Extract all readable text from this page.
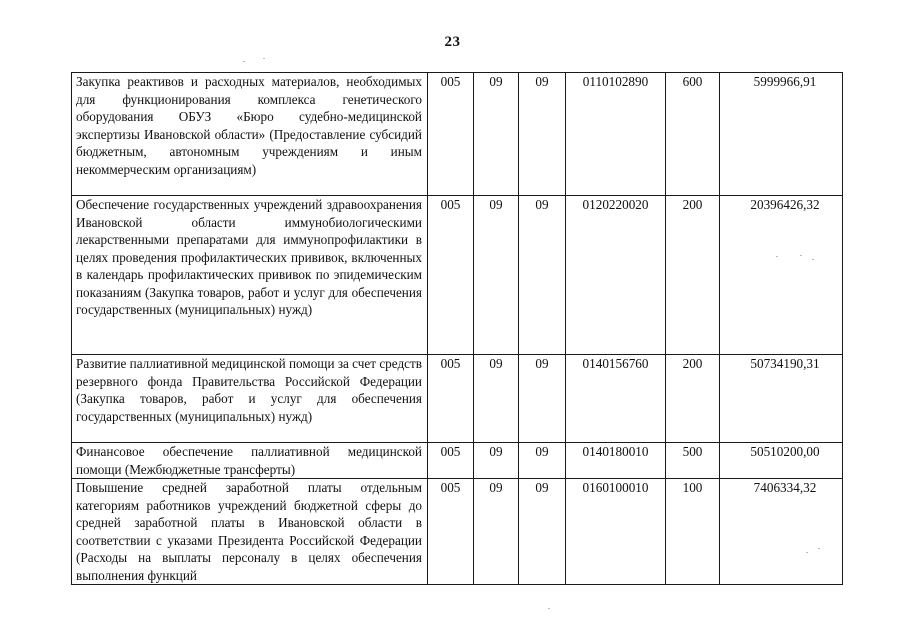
23
Закупка реактивов и расходных материалов, необходимых для функционирования комплекса генетического оборудования ОБУЗ «Бюро судебно-медицинской экспертизы Ивановской области» (Предоставление субсидий бюджетным, автономным учреждениям и иным некоммерческим организациям)	005	09	09	0110102890	600	5999966,91
Обеспечение государственных учреждений здравоохранения Ивановской области иммунобиологическими лекарственными препаратами для иммунопрофилактики в целях проведения профилактических прививок, включенных в календарь профилактических прививок по эпидемическим показаниям (Закупка товаров, работ и услуг для обеспечения государственных (муниципальных) нужд)	005	09	09	0120220020	200	20396426,32
Развитие паллиативной медицинской помощи за счет средств резервного фонда Правительства Российской Федерации (Закупка товаров, работ и услуг для обеспечения государственных (муниципальных) нужд)	005	09	09	0140156760	200	50734190,31
Финансовое обеспечение паллиативной медицинской помощи (Межбюджетные трансферты)	005	09	09	0140180010	500	50510200,00
Повышение средней заработной платы отдельным категориям работников учреждений бюджетной сферы до средней заработной платы в Ивановской области в соответствии с указами Президента Российской Федерации (Расходы на выплаты персоналу в целях обеспечения выполнения функций	005	09	09	0160100010	100	7406334,32
